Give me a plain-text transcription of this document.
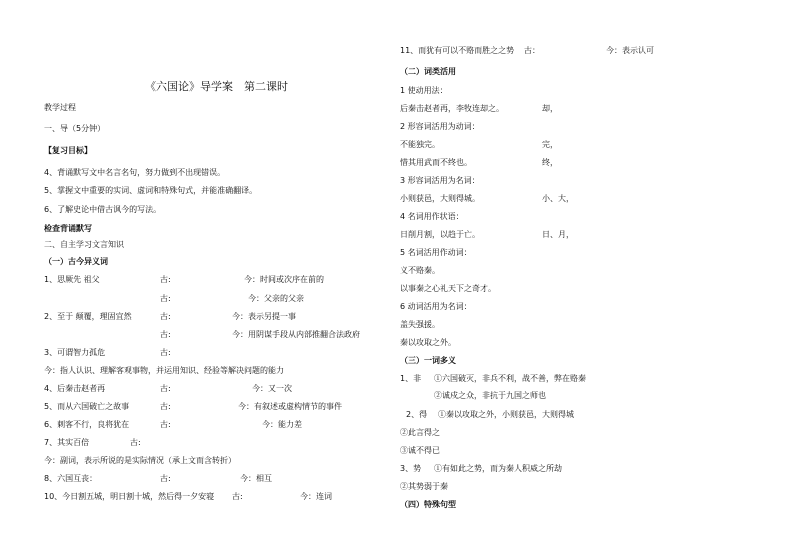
《六国论》导学案　第二课时
教学过程
一、导（5分钟）
【复习目标】
4、背诵默写文中名言名句，努力做到不出现错误。
5、掌握文中重要的实词、虚词和特殊句式，并能准确翻译。
6、了解史论中借古讽今的写法。
检查背诵默写
二、自主学习文言知识
（一）古今异义词
1、思厥先 祖父	古:	今：时间或次序在前的
古:	今：父亲的父亲
2、至于 颠覆，理固宜然	古:	今：表示另提一事
古:	今：用阴谋手段从内部推翻合法政府
3、可谓智力孤危	古:
今：指人认识、理解客观事物，并运用知识、经验等解决问题的能力
4、后秦击赵者再	古:	今：又一次
5、而从六国破亡之故事	古:	今：有叙述或虚构情节的事件
6、刺客不行，良将犹在	古:	今：能力差
7、其实百倍	古:
今：副词，表示所说的是实际情况（承上文而含转折）
8、六国互丧：	古:	今：相互
10、今日割五城，明日割十城，然后得一夕安寝 古:	今：连词
11、而犹有可以不赂而胜之之势 古：	今：表示认可
（二）词类活用
1 使动用法：
后秦击赵者再，李牧连却之。	却，
2 形容词活用为动词：
不能独完。	完，
惜其用武而不终也。	终，
3 形容词活用为名词：
小则获邑，大则得城。	小、大，
4 名词用作状语：
日削月割，以趋于亡。	日、月，
5 名词活用作动词：
义不赂秦。
以事秦之心礼天下之奇才。
6 动词活用为名词：
盖失强援。
秦以攻取之外。
（三）一词多义
1、非 ①六国破灭，非兵不利，战不善，弊在赂秦
②诚戍之众，非抗于九国之师也
2、得 ①秦以攻取之外，小则获邑，大则得城
②此言得之
③诚不得已
3、势 ①有如此之势，而为秦人积威之所劫
②其势弱于秦
（四）特殊句型
